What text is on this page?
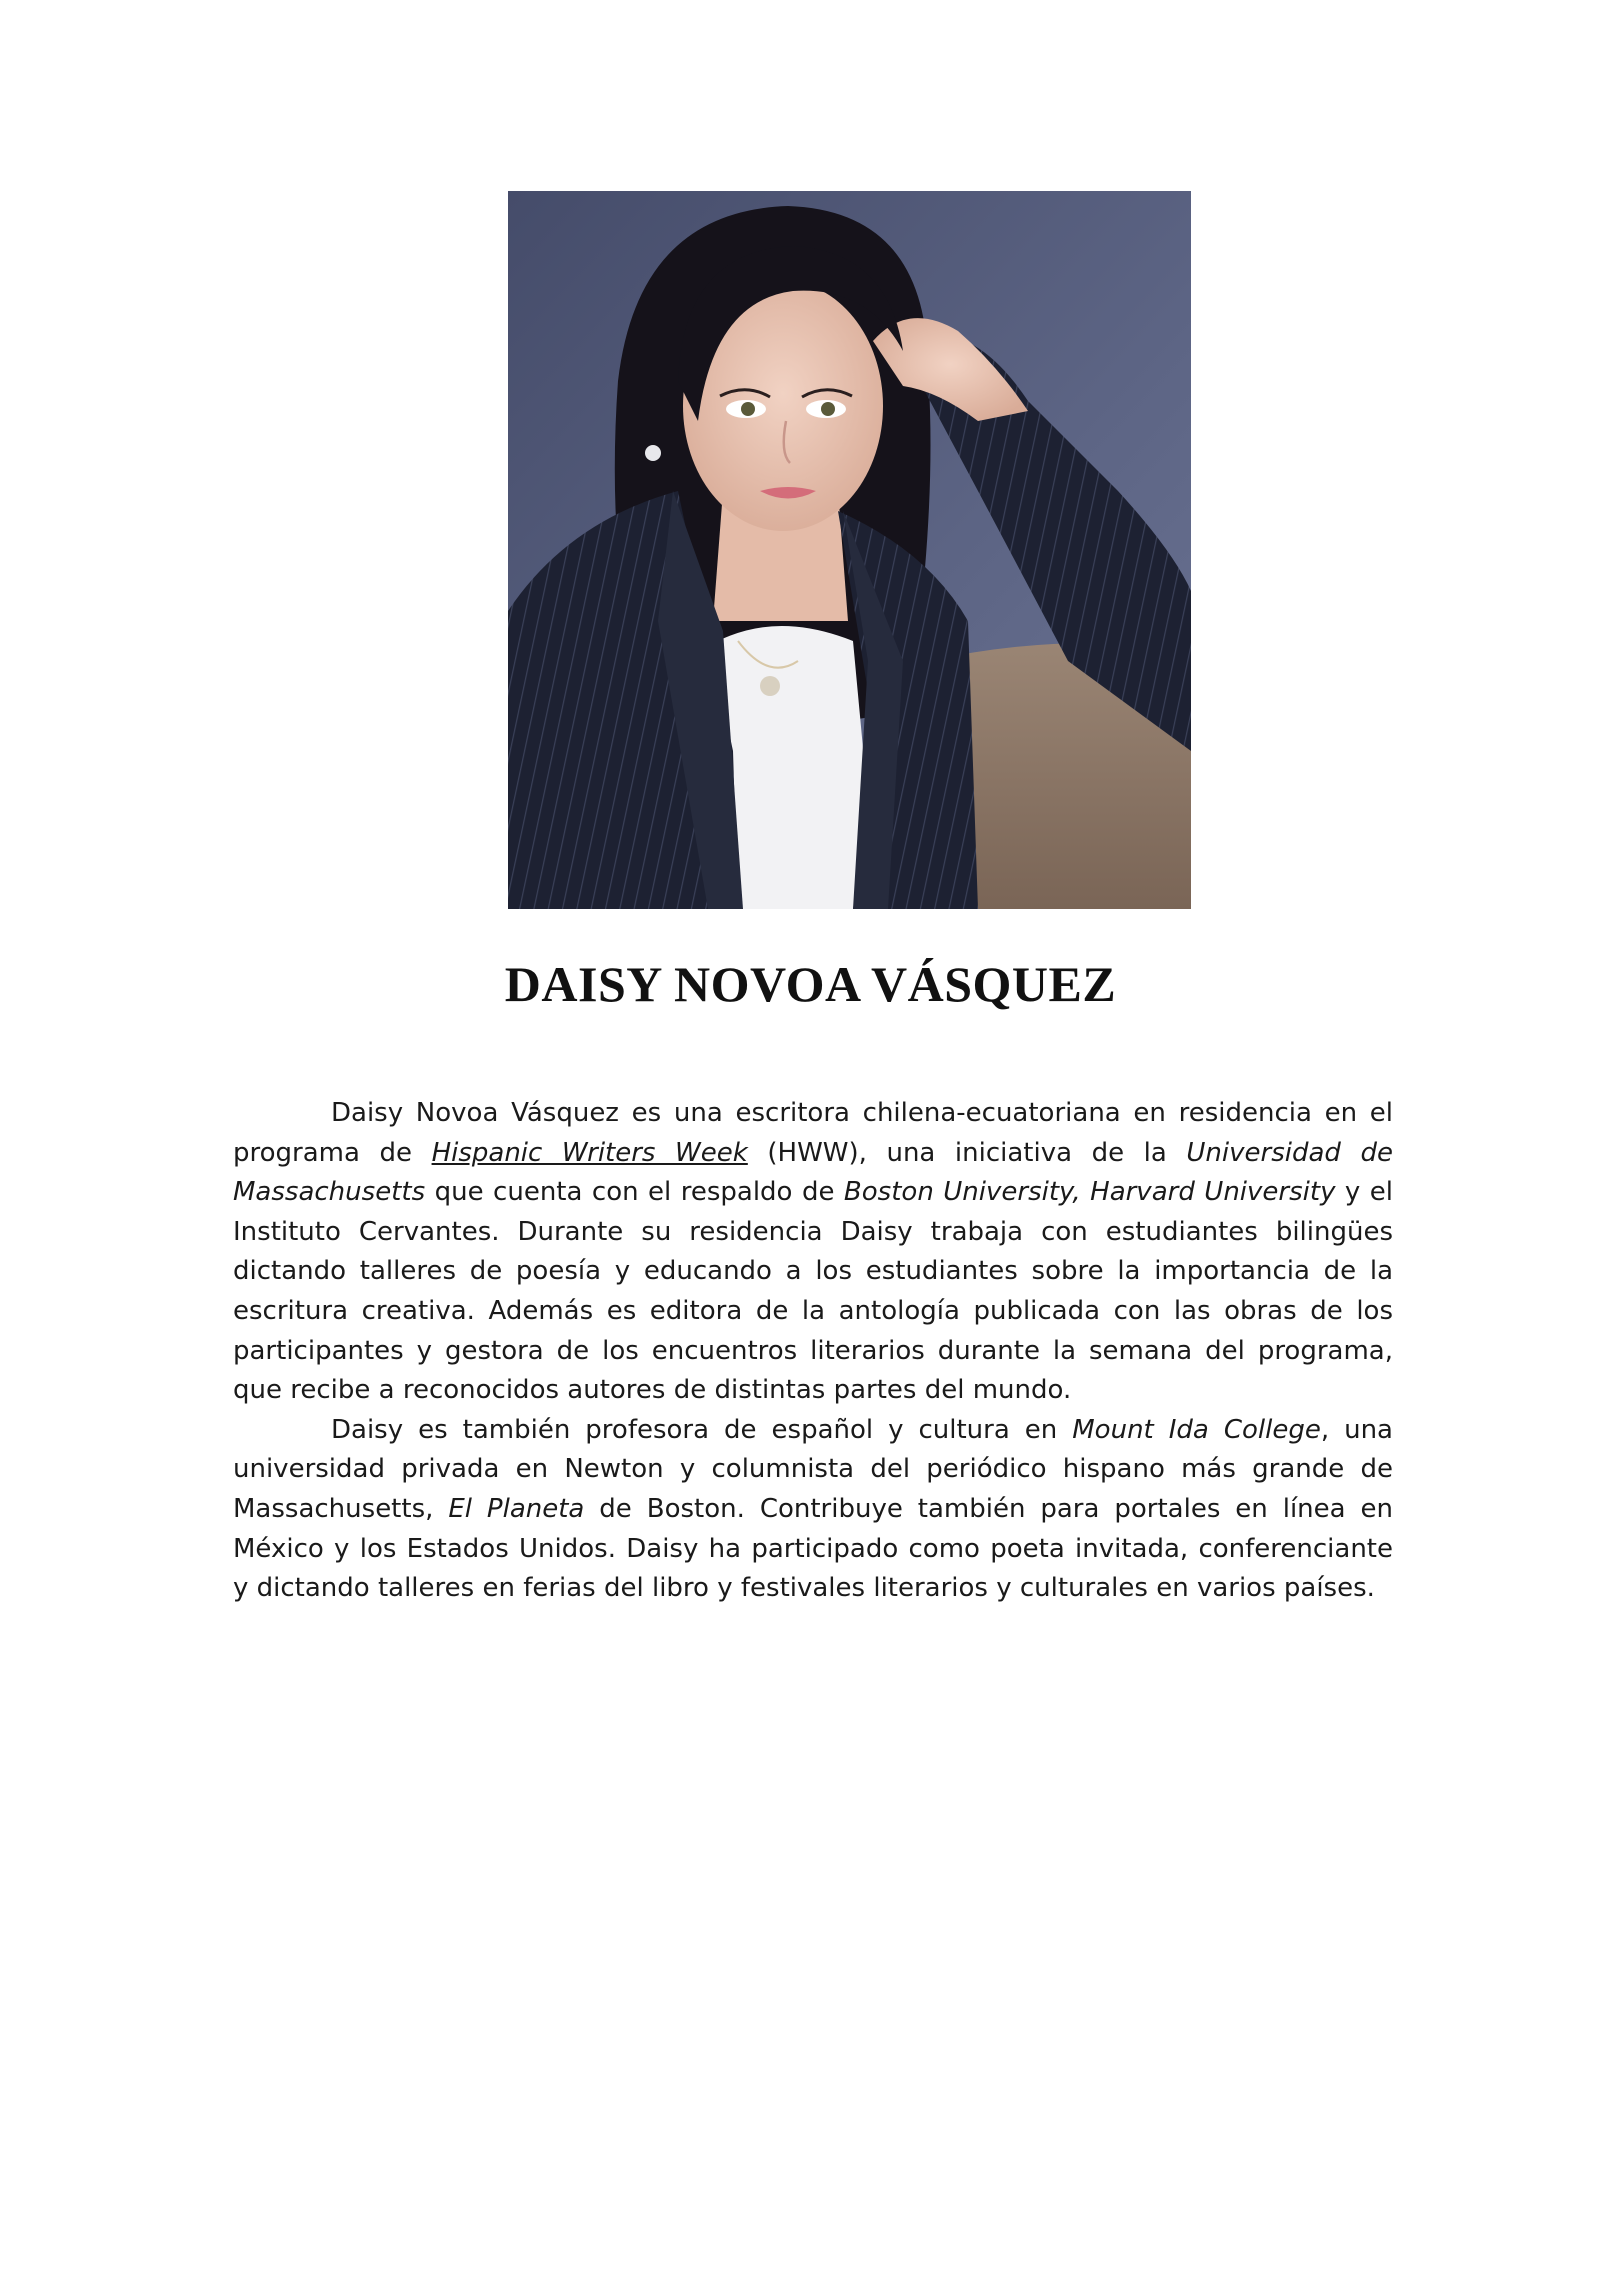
DAISY NOVOA VÁSQUEZ

Daisy Novoa Vásquez es una escritora chilena-ecuatoriana en residencia en el programa de Hispanic Writers Week (HWW), una iniciativa de la Universidad de Massachusetts que cuenta con el respaldo de Boston University, Harvard University y el Instituto Cervantes. Durante su residencia Daisy trabaja con estudiantes bilingües dictando talleres de poesía y educando a los estudiantes sobre la importancia de la escritura creativa. Además es editora de la antología publicada con las obras de los participantes y gestora de los encuentros literarios durante la semana del programa, que recibe a reconocidos autores de distintas partes del mundo.

Daisy es también profesora de español y cultura en Mount Ida College, una universidad privada en Newton y columnista del periódico hispano más grande de Massachusetts, El Planeta de Boston. Contribuye también para portales en línea en México y los Estados Unidos. Daisy ha participado como poeta invitada, conferenciante y dictando talleres en ferias del libro y festivales literarios y culturales en varios países.
